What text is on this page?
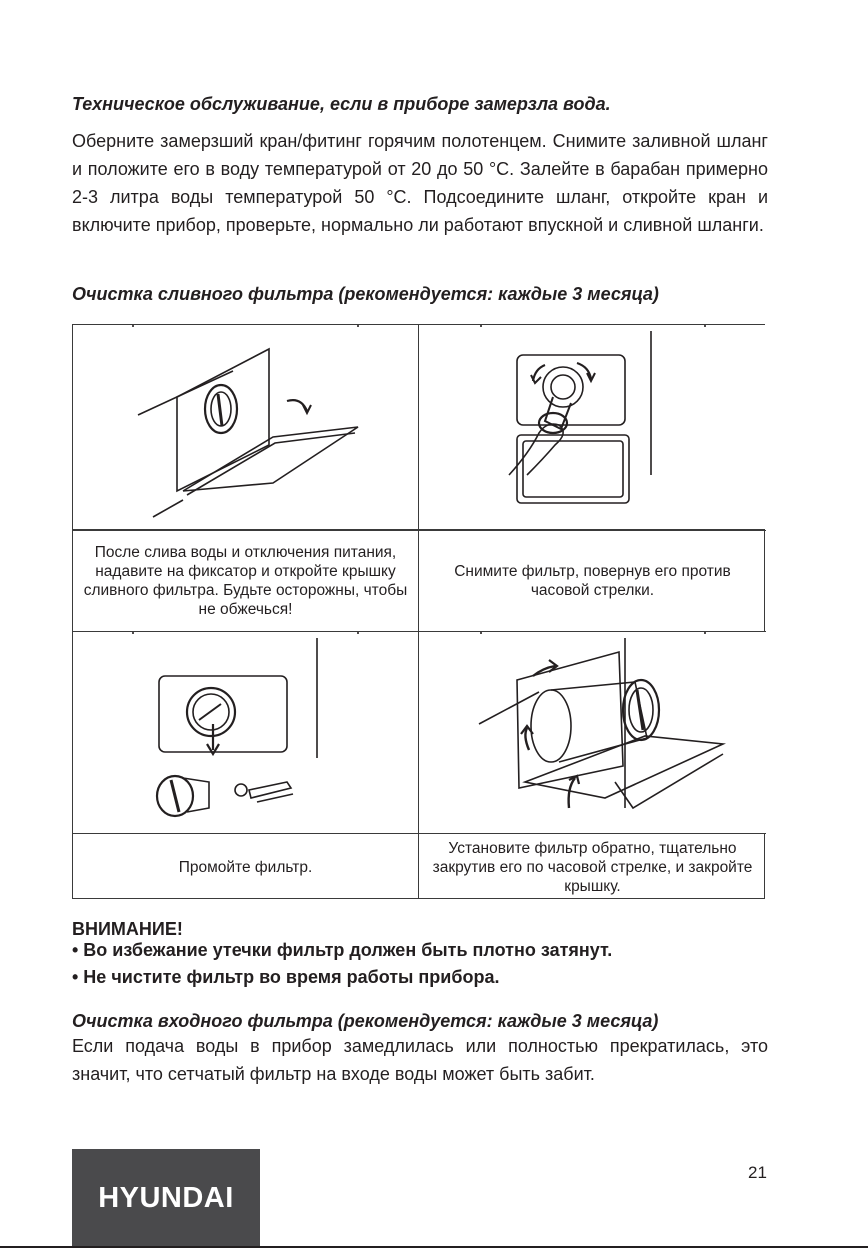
Техническое обслуживание, если в приборе замерзла вода.

Оберните замерзший кран/фитинг горячим полотенцем. Снимите заливной шланг и положите его в воду температурой от 20 до 50 °С. Залейте в барабан примерно 2-3 литра воды температурой 50 °С. Подсоедините шланг, откройте кран и включите прибор, проверьте, нормально ли работают впускной и сливной шланги.

Очистка сливного фильтра (рекомендуется: каждые 3 месяца)

После слива воды и отключения питания, надавите на фиксатор и откройте крышку сливного фильтра. Будьте осторожны, чтобы не обжечься!
Снимите фильтр, повернув его против часовой стрелки.
Промойте фильтр.
Установите фильтр обратно, тщательно закрутив его по часовой стрелке, и закройте крышку.

ВНИМАНИЕ!

• Во избежание утечки фильтр должен быть плотно затянут.

• Не чистите фильтр во время работы прибора.

Очистка входного фильтра (рекомендуется: каждые 3 месяца)

Если подача воды в прибор замедлилась или полностью прекратилась, это значит, что сетчатый фильтр на входе воды может быть забит.

HYUNDAI
21
